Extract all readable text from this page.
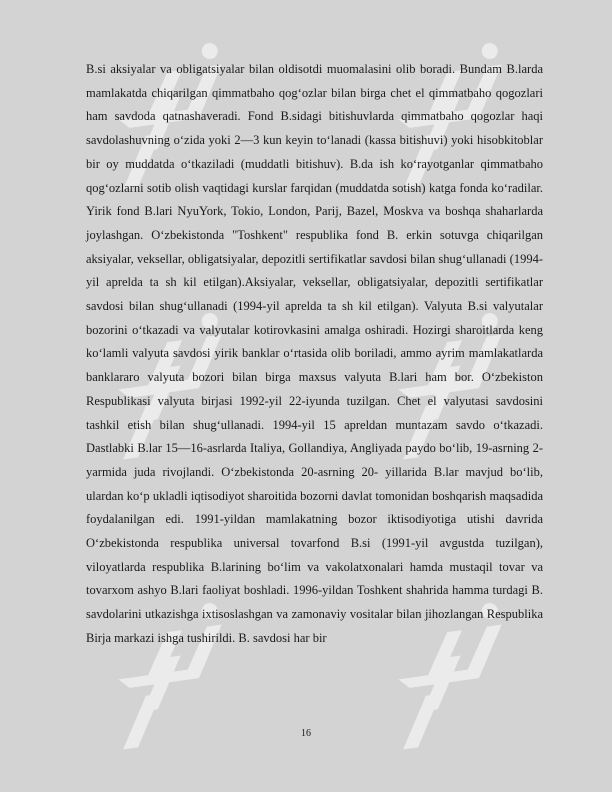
B.si aksiyalar va obligatsiyalar bilan oldisotdi muomalasini olib boradi. Bundam B.larda mamlakatda chiqarilgan qimmatbaho qog‘ozlar bilan birga chet el qimmatbaho qogozlari ham savdoda qatnashaveradi. Fond B.sidagi bitishuvlarda qimmatbaho qogozlar haqi savdolashuvning o‘zida yoki 2—3 kun keyin to‘lanadi (kassa bitishuvi) yoki hisobkitoblar bir oy muddatda o‘tkaziladi (muddatli bitishuv). B.da ish ko‘rayotganlar qimmatbaho qog‘ozlarni sotib olish vaqtidagi kurslar farqidan (muddatda sotish) katga fonda ko‘radilar. Yirik fond B.lari NyuYork, Tokio, London, Parij, Bazel, Moskva va boshqa shaharlarda joylashgan. O‘zbekistonda "Toshkent" respublika fond B. erkin sotuvga chiqarilgan aksiyalar, veksellar, obligatsiyalar, depozitli sertifikatlar savdosi bilan shug‘ullanadi (1994-yil aprelda ta sh kil etilgan).Aksiyalar, veksellar, obligatsiyalar, depozitli sertifikatlar savdosi bilan shug‘ullanadi (1994-yil aprelda ta sh kil etilgan). Valyuta B.si valyutalar bozorini o‘tkazadi va valyutalar kotirovkasini amalga oshiradi. Hozirgi sharoitlarda keng ko‘lamli valyuta savdosi yirik banklar o‘rtasida olib boriladi, ammo ayrim mamlakatlarda banklararo valyuta bozori bilan birga maxsus valyuta B.lari ham bor. O‘zbekiston Respublikasi valyuta birjasi 1992-yil 22-iyunda tuzilgan. Chet el valyutasi savdosini tashkil etish bilan shug‘ullanadi. 1994-yil 15 apreldan muntazam savdo o‘tkazadi. Dastlabki B.lar 15—16-asrlarda Italiya, Gollandiya, Angliyada paydo bo‘lib, 19-asrning 2-yarmida juda rivojlandi. O‘zbekistonda 20-asrning 20- yillarida B.lar mavjud bo‘lib, ulardan ko‘p ukladli iqtisodiyot sharoitida bozorni davlat tomonidan boshqarish maqsadida foydalanilgan edi. 1991-yildan mamlakatning bozor iktisodiyotiga utishi davrida O‘zbekistonda respublika universal tovarfond B.si (1991-yil avgustda tuzilgan), viloyatlarda respublika B.larining bo‘lim va vakolatxonalari hamda mustaqil tovar va tovarxom ashyo B.lari faoliyat boshladi. 1996-yildan Toshkent shahrida hamma turdagi B. savdolarini utkazishga ixtisoslashgan va zamonaviy vositalar bilan jihozlangan Respublika Birja markazi ishga tushirildi. B. savdosi har bir

16
